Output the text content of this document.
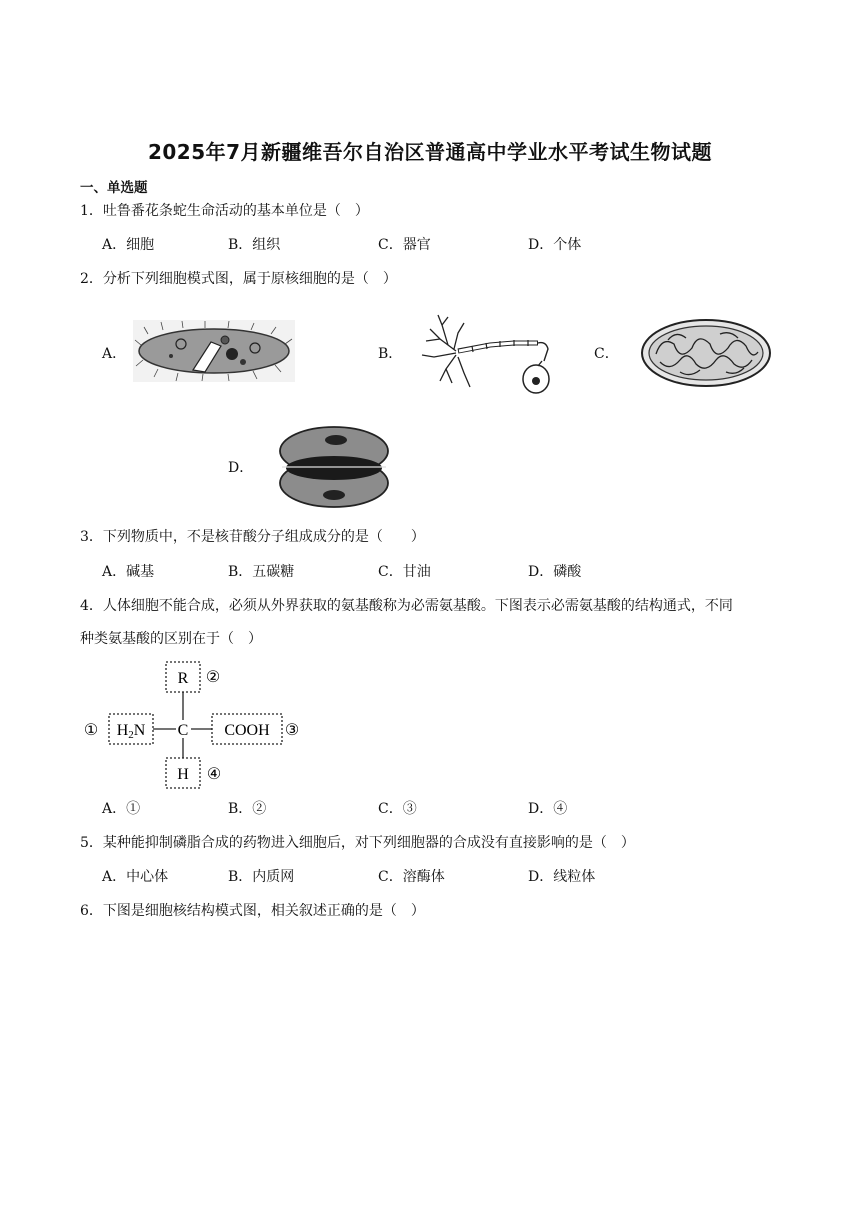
2025年7月新疆维吾尔自治区普通高中学业水平考试生物试题
一、单选题
1．吐鲁番花条蛇生命活动的基本单位是（　）
A．细胞	B．组织	C．器官	D．个体
2．分析下列细胞模式图，属于原核细胞的是（　）
A．	B．	C．
D．
3．下列物质中，不是核苷酸分子组成成分的是（　　）
A．碱基	B．五碳糖	C．甘油	D．磷酸
4．人体细胞不能合成，必须从外界获取的氨基酸称为必需氨基酸。下图表示必需氨基酸的结构通式，不同
种类氨基酸的区别在于（　）
R
C COOH
H
H2N
①
②
③
④
A．①	B．②	C．③	D．④
5．某种能抑制磷脂合成的药物进入细胞后，对下列细胞器的合成没有直接影响的是（　）
A．中心体	B．内质网	C．溶酶体	D．线粒体
6．下图是细胞核结构模式图，相关叙述正确的是（　）
